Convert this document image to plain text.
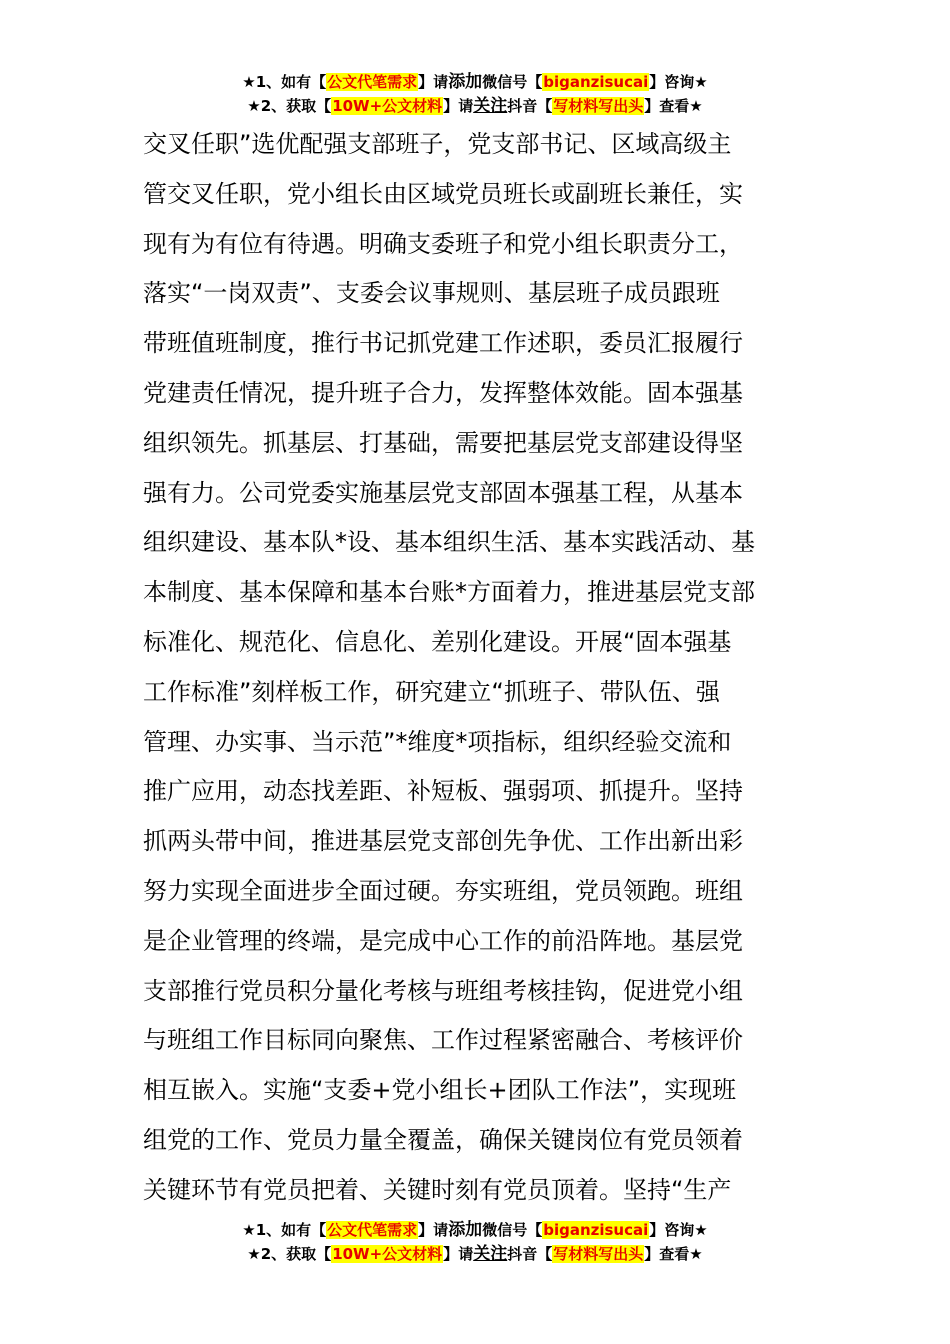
★1、如有【公文代笔需求】请添加微信号【biganzisucai】咨询★
★2、获取【10W+公文材料】请关注抖音【写材料写出头】查看★
交叉任职”选优配强支部班子，党支部书记、区域高级主
管交叉任职，党小组长由区域党员班长或副班长兼任，实
现有为有位有待遇。明确支委班子和党小组长职责分工，
落实“一岗双责”、支委会议事规则、基层班子成员跟班
带班值班制度，推行书记抓党建工作述职，委员汇报履行
党建责任情况，提升班子合力，发挥整体效能。固本强基
组织领先。抓基层、打基础，需要把基层党支部建设得坚
强有力。公司党委实施基层党支部固本强基工程，从基本
组织建设、基本队*设、基本组织生活、基本实践活动、基
本制度、基本保障和基本台账*方面着力，推进基层党支部
标准化、规范化、信息化、差别化建设。开展“固本强基
工作标准”刻样板工作，研究建立“抓班子、带队伍、强
管理、办实事、当示范”*维度*项指标，组织经验交流和
推广应用，动态找差距、补短板、强弱项、抓提升。坚持
抓两头带中间，推进基层党支部创先争优、工作出新出彩
努力实现全面进步全面过硬。夯实班组，党员领跑。班组
是企业管理的终端，是完成中心工作的前沿阵地。基层党
支部推行党员积分量化考核与班组考核挂钩，促进党小组
与班组工作目标同向聚焦、工作过程紧密融合、考核评价
相互嵌入。实施“支委+党小组长+团队工作法”，实现班
组党的工作、党员力量全覆盖，确保关键岗位有党员领着
关键环节有党员把着、关键时刻有党员顶着。坚持“生产
★1、如有【公文代笔需求】请添加微信号【biganzisucai】咨询★
★2、获取【10W+公文材料】请关注抖音【写材料写出头】查看★
